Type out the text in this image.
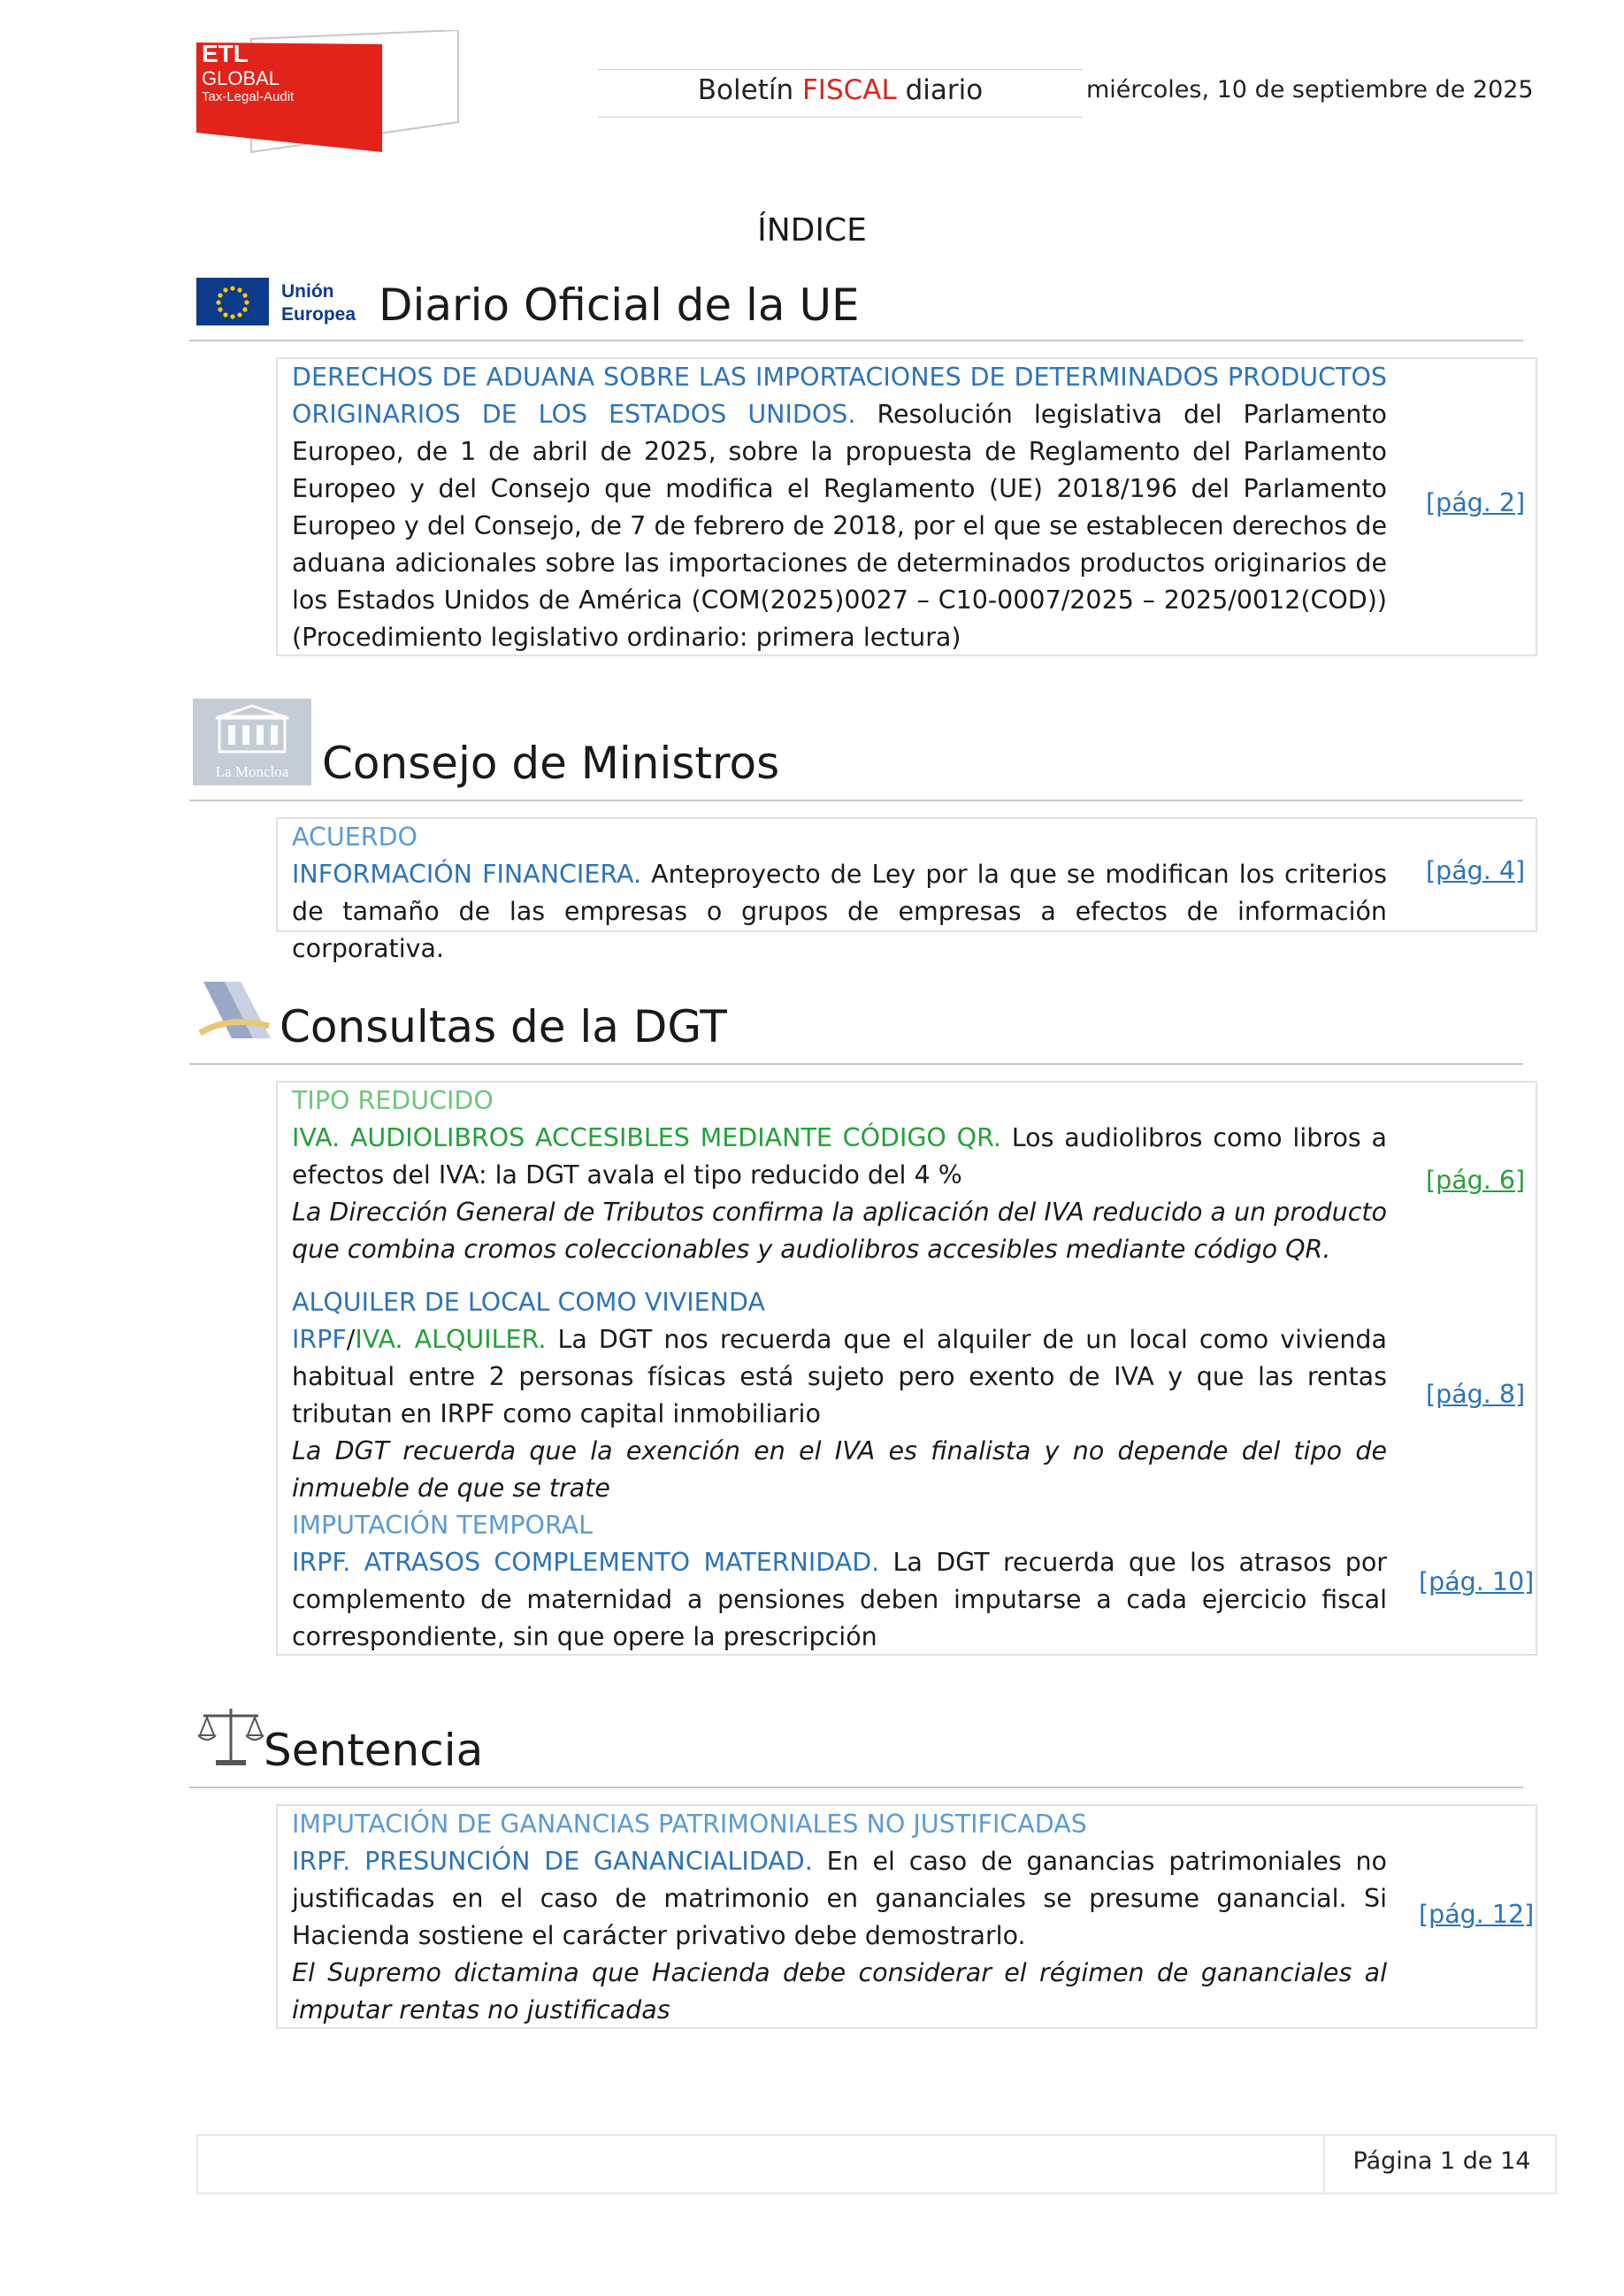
ETL
GLOBAL
Tax-Legal-Audit	Boletín FISCAL diario	miércoles, 10 de septiembre de 2025
ÍNDICE
Unión
Europea Diario Oficial de la UE

DERECHOS DE ADUANA SOBRE LAS IMPORTACIONES DE DETERMINADOS PRODUCTOS ORIGINARIOS DE LOS ESTADOS UNIDOS. Resolución legislativa del Parlamento Europeo, de 1 de abril de 2025, sobre la propuesta de Reglamento del Parlamento Europeo y del Consejo que modifica el Reglamento (UE) 2018/196 del Parlamento Europeo y del Consejo, de 7 de febrero de 2018, por el que se establecen derechos de aduana adicionales sobre las importaciones de determinados productos originarios de los Estados Unidos de América (COM(2025)0027 – C10-0007/2025 – 2025/0012(COD)) (Procedimiento legislativo ordinario: primera lectura)

[pág. 2]
La Moncloa Consejo de Ministros

ACUERDO

INFORMACIÓN FINANCIERA. Anteproyecto de Ley por la que se modifican los criterios de tamaño de las empresas o grupos de empresas a efectos de información corporativa.

[pág. 4]
Consultas de la DGT

TIPO REDUCIDO

IVA. AUDIOLIBROS ACCESIBLES MEDIANTE CÓDIGO QR. Los audiolibros como libros a efectos del IVA: la DGT avala el tipo reducido del 4 %

La Dirección General de Tributos confirma la aplicación del IVA reducido a un producto que combina cromos coleccionables y audiolibros accesibles mediante código QR.

[pág. 6]

ALQUILER DE LOCAL COMO VIVIENDA

IRPF/IVA. ALQUILER. La DGT nos recuerda que el alquiler de un local como vivienda habitual entre 2 personas físicas está sujeto pero exento de IVA y que las rentas tributan en IRPF como capital inmobiliario

La DGT recuerda que la exención en el IVA es finalista y no depende del tipo de inmueble de que se trate

[pág. 8]

IMPUTACIÓN TEMPORAL

IRPF. ATRASOS COMPLEMENTO MATERNIDAD. La DGT recuerda que los atrasos por complemento de maternidad a pensiones deben imputarse a cada ejercicio fiscal correspondiente, sin que opere la prescripción

[pág. 10]
Sentencia

IMPUTACIÓN DE GANANCIAS PATRIMONIALES NO JUSTIFICADAS

IRPF. PRESUNCIÓN DE GANANCIALIDAD. En el caso de ganancias patrimoniales no justificadas en el caso de matrimonio en gananciales se presume ganancial. Si Hacienda sostiene el carácter privativo debe demostrarlo.

El Supremo dictamina que Hacienda debe considerar el régimen de gananciales al imputar rentas no justificadas

[pág. 12]
Página 1 de 14
